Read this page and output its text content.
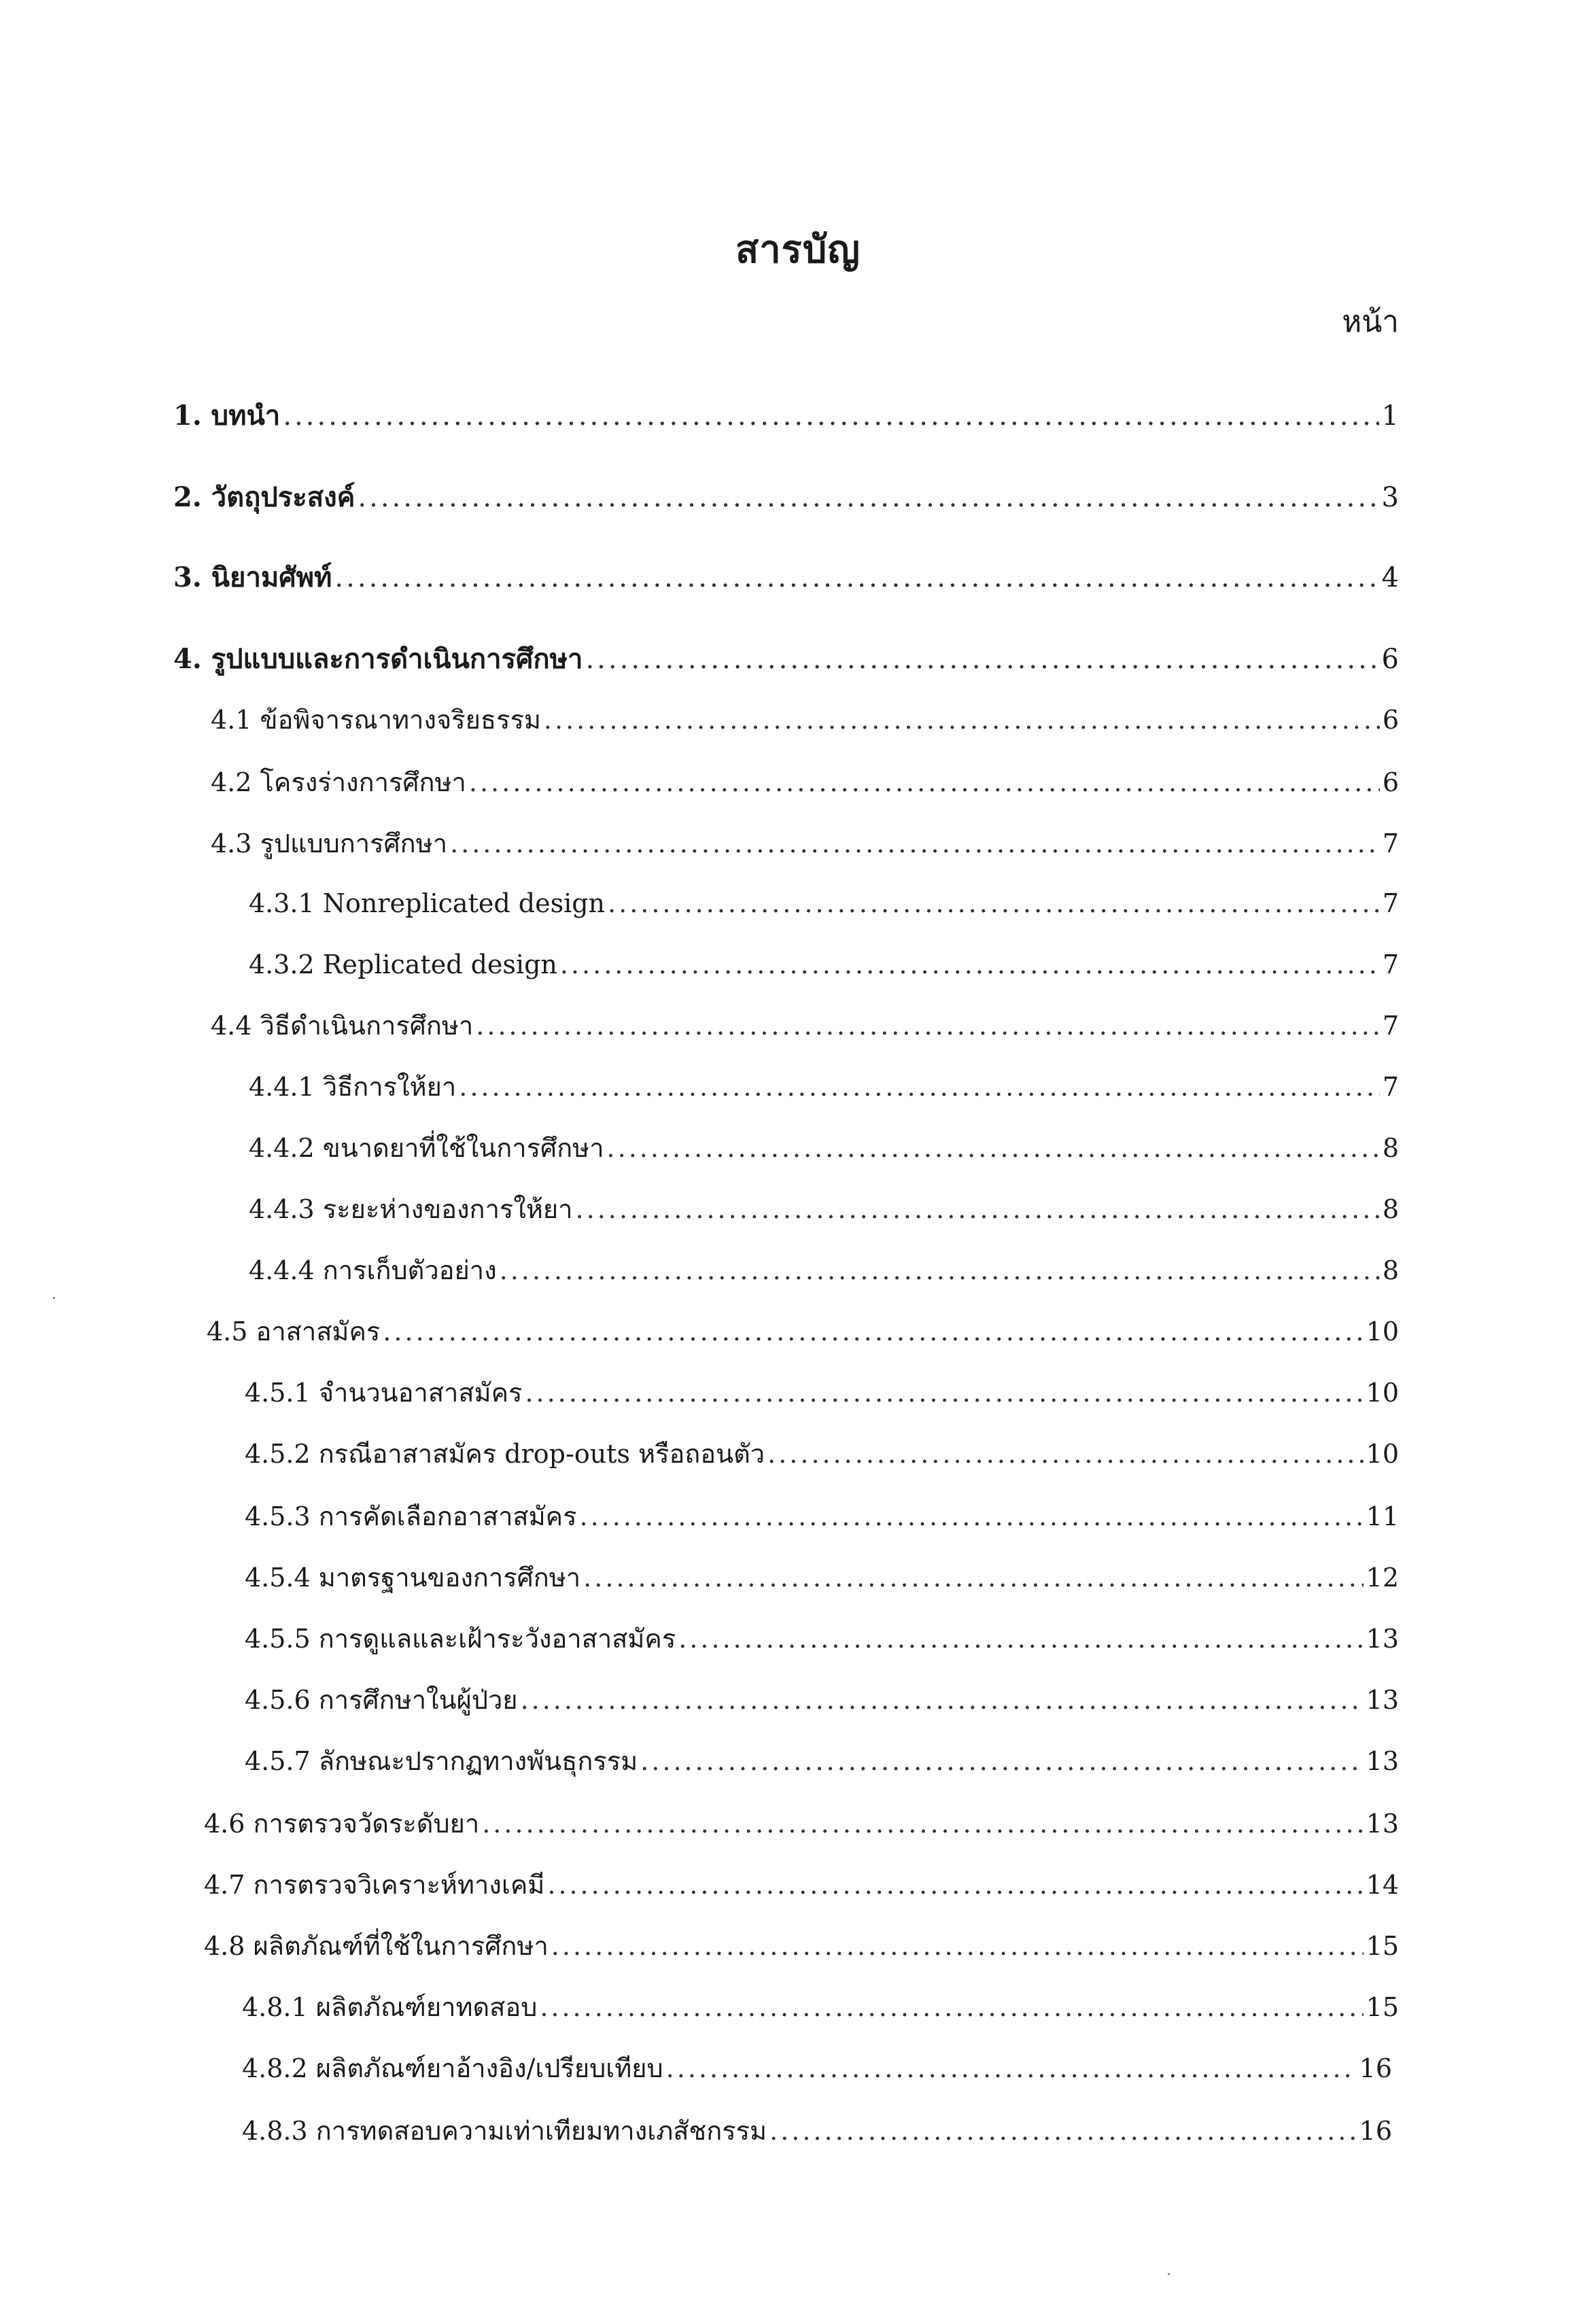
สารบัญ
หน้า
1. บทนำ .....	1
2. วัตถุประสงค์ .....	3
3. นิยามศัพท์ .....	4
4. รูปแบบและการดำเนินการศึกษา .....	6
4.1 ข้อพิจารณาทางจริยธรรม .....	6
4.2 โครงร่างการศึกษา .....	6
4.3 รูปแบบการศึกษา .....	7
4.3.1 Nonreplicated design .....	7
4.3.2 Replicated design .....	7
4.4 วิธีดำเนินการศึกษา .....	7
4.4.1 วิธีการให้ยา .....	7
4.4.2 ขนาดยาที่ใช้ในการศึกษา .....	8
4.4.3 ระยะห่างของการให้ยา .....	8
4.4.4 การเก็บตัวอย่าง .....	8
4.5 อาสาสมัคร .....	10
4.5.1 จำนวนอาสาสมัคร .....	10
4.5.2 กรณีอาสาสมัคร drop-outs หรือถอนตัว .....	10
4.5.3 การคัดเลือกอาสาสมัคร .....	11
4.5.4 มาตรฐานของการศึกษา .....	12
4.5.5 การดูแลและเฝ้าระวังอาสาสมัคร .....	13
4.5.6 การศึกษาในผู้ป่วย .....	13
4.5.7 ลักษณะปรากฏทางพันธุกรรม .....	13
4.6 การตรวจวัดระดับยา .....	13
4.7 การตรวจวิเคราะห์ทางเคมี .....	14
4.8 ผลิตภัณฑ์ที่ใช้ในการศึกษา .....	15
4.8.1 ผลิตภัณฑ์ยาทดสอบ .....	15
4.8.2 ผลิตภัณฑ์ยาอ้างอิง/เปรียบเทียบ .....	16
4.8.3 การทดสอบความเท่าเทียมทางเภสัชกรรม .....	16
